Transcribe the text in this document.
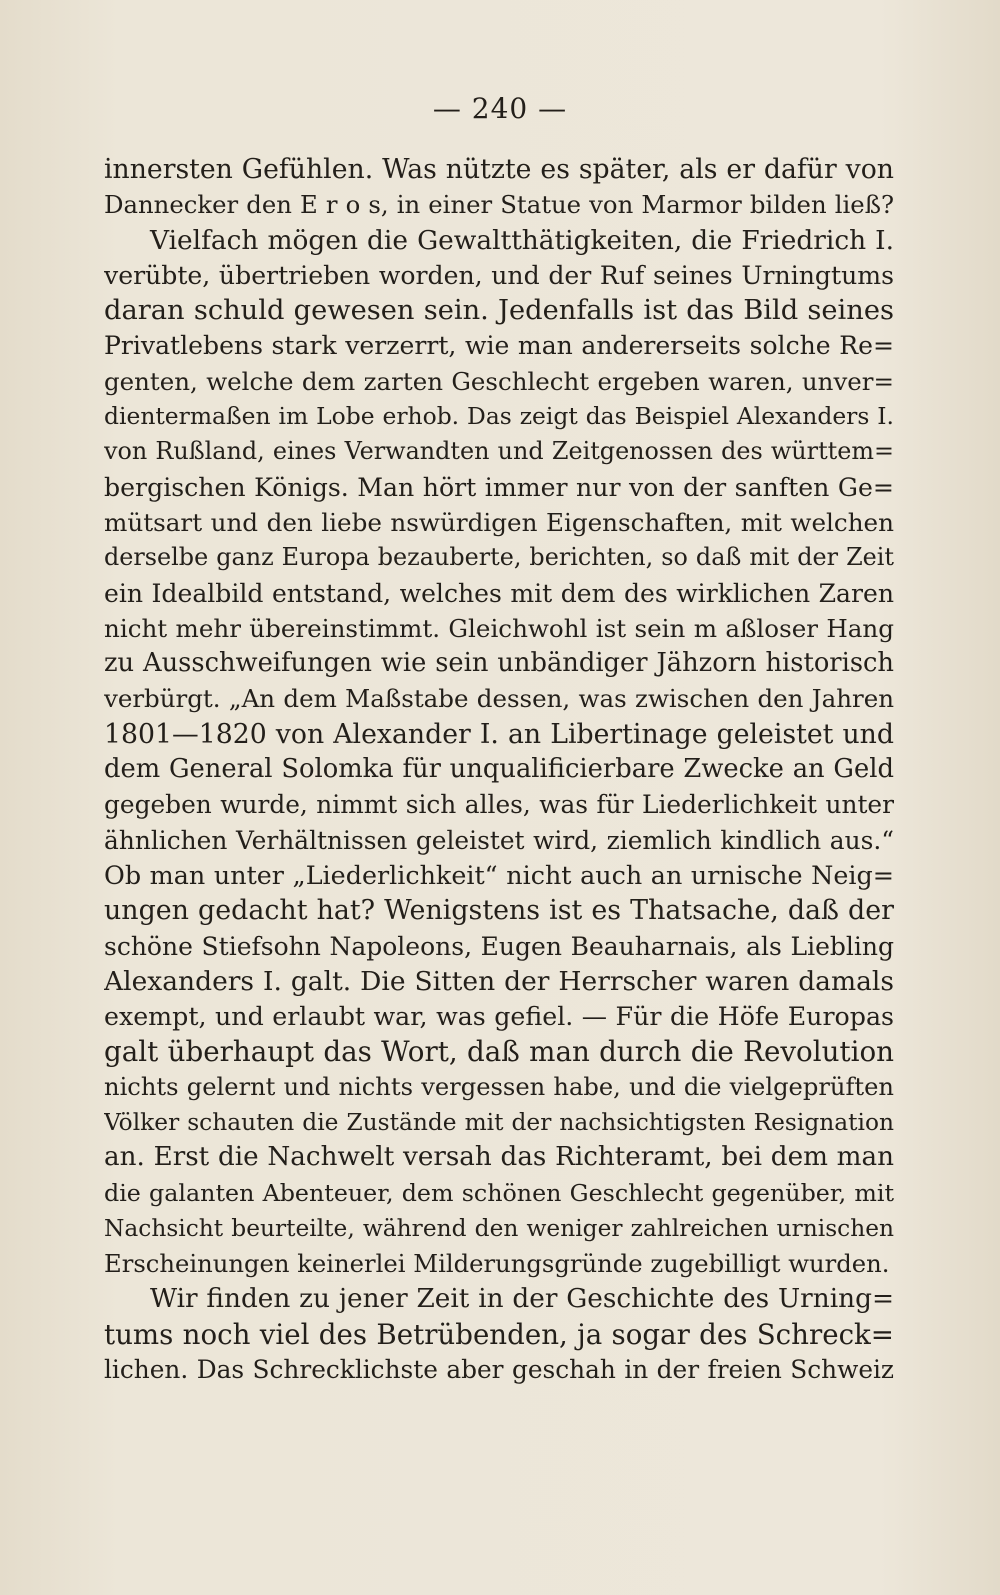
— 240 —
innersten Gefühlen. Was nützte es später, als er dafür von
Dannecker den E r o s, in einer Statue von Marmor bilden ließ?
Vielfach mögen die Gewaltthätigkeiten, die Friedrich I.
verübte, übertrieben worden, und der Ruf seines Urningtums
daran schuld gewesen sein. Jedenfalls ist das Bild seines
Privatlebens stark verzerrt, wie man andererseits solche Re=
genten, welche dem zarten Geschlecht ergeben waren, unver=
dientermaßen im Lobe erhob. Das zeigt das Beispiel Alexanders I.
von Rußland, eines Verwandten und Zeitgenossen des württem=
bergischen Königs. Man hört immer nur von der sanften Ge=
mütsart und den liebe nswürdigen Eigenschaften, mit welchen
derselbe ganz Europa bezauberte, berichten, so daß mit der Zeit
ein Idealbild entstand, welches mit dem des wirklichen Zaren
nicht mehr übereinstimmt. Gleichwohl ist sein m aßloser Hang
zu Ausschweifungen wie sein unbändiger Jähzorn historisch
verbürgt. „An dem Maßstabe dessen, was zwischen den Jahren
1801—1820 von Alexander I. an Libertinage geleistet und
dem General Solomka für unqualificierbare Zwecke an Geld
gegeben wurde, nimmt sich alles, was für Liederlichkeit unter
ähnlichen Verhältnissen geleistet wird, ziemlich kindlich aus.“
Ob man unter „Liederlichkeit“ nicht auch an urnische Neig=
ungen gedacht hat? Wenigstens ist es Thatsache, daß der
schöne Stiefsohn Napoleons, Eugen Beauharnais, als Liebling
Alexanders I. galt. Die Sitten der Herrscher waren damals
exempt, und erlaubt war, was gefiel. — Für die Höfe Europas
galt überhaupt das Wort, daß man durch die Revolution
nichts gelernt und nichts vergessen habe, und die vielgeprüften
Völker schauten die Zustände mit der nachsichtigsten Resignation
an. Erst die Nachwelt versah das Richteramt, bei dem man
die galanten Abenteuer, dem schönen Geschlecht gegenüber, mit
Nachsicht beurteilte, während den weniger zahlreichen urnischen
Erscheinungen keinerlei Milderungsgründe zugebilligt wurden.
Wir finden zu jener Zeit in der Geschichte des Urning=
tums noch viel des Betrübenden, ja sogar des Schreck=
lichen. Das Schrecklichste aber geschah in der freien Schweiz
